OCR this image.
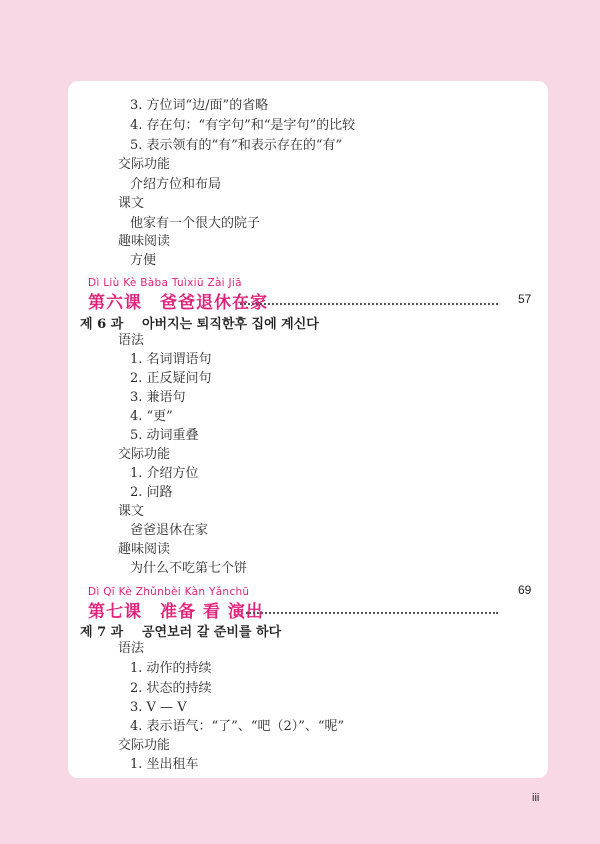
3. 方位词“边/面”的省略
4. 存在句：“有字句”和“是字句”的比较
5. 表示领有的“有”和表示存在的“有”
交际功能
介绍方位和布局
课文
他家有一个很大的院子
趣味阅读
方便
Dì Liù Kè Bàba Tuìxiū Zài Jiā
第六课　爸爸退休在家	57
제 6 과 아버지는 퇴직한후 집에 계신다
语法
1. 名词谓语句
2. 正反疑问句
3. 兼语句
4. “更”
5. 动词重叠
交际功能
1. 介绍方位
2. 问路
课文
爸爸退休在家
趣味阅读
为什么不吃第七个饼
Dì Qī Kè Zhǔnbèi Kàn Yǎnchū
第七课　准备 看 演出
69
제 7 과 공연보러 갈 준비를 하다
语法
1. 动作的持续
2. 状态的持续
3. V — V
4. 表示语气：“了”、“吧（2）”、“呢”
交际功能
1. 坐出租车
iii
